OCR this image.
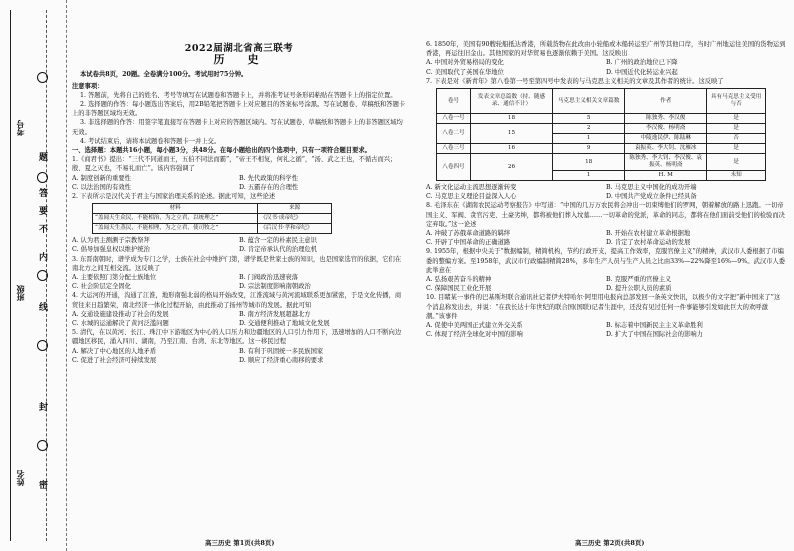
姓名
班级
考号
密
封
线
内
不
要
答
题
2022届湖北省高三联考
历　史

本试卷共8页，20题。全卷满分100分。考试用时75分钟。

注意事项：

1. 答题前，先将自己的姓名、考号等填写在试题卷和答题卡上，并将准考证号条形码粘贴在答题卡上的指定位置。

2. 选择题的作答：每小题选出答案后，用2B铅笔把答题卡上对应题目的答案标号涂黑。写在试题卷、草稿纸和答题卡上的非答题区域均无效。

3. 非选择题的作答：用签字笔直接写在答题卡上对应的答题区域内。写在试题卷、草稿纸和答题卡上的非答题区域均无效。

4. 考试结束后，请将本试题卷和答题卡一并上交。

一、选择题：本题共16小题，每小题3分，共48分。在每小题给出的四个选项中，只有一项符合题目要求。

1.《商君书》提出：“三代不同道而王，五伯不同法而霸”，“帝王不相复，何礼之循”，“汤、武之王也，不循古而兴；殷、夏之灭也，不易礼而亡”。该内容强调了

A. 制度创新的重要性	B. 先代政策的科学性
C. 以法治国的有效性	D. 五霸存在的合理性

2. 下表所示是汉代关于君主与国家治理关系的论述。据此可知，这些论述

材料	来源
“盖闻天生众民，不能相治，为之立君，以统理之”	《汉书·成帝纪》
“盖闻天生蒸民，不能相理，为之立君，使司牧之”	《后汉书·孝和帝纪》
A. 认为君主测测子宗教祭拜	B. 蕴含一定的朴素民主意识
C. 倡导加强皇权以维护统治	D. 肯定帝承认代的治理危机

3. 东晋南朝时，谱学成为专门之学，士族在社会中维护门第，谱学既是世家士族的知识，也是国家选官的依据，它们在南北方之间互相交流。这反映了

A. 主要依照门第分配士族地位	B. 门阀政治迅速衰落
C. 社会阶层定全固化	D. 宗法制度影响南朝政治

4. 大运河的开通，沟通了江淮，地形南强北弱的格局开始改变，江淮流域与黄河流域联系更加紧密，于是文化传播，商贸往来日趋繁荣，南北经济一体化过程开始，由此推动了扬州等城市的发展。据此可知

A. 交通设施建设推动了社会的发展	B. 南方经济发展超越北方
C. 水城的运通解决了黄河泛滥问题	D. 交通便利推动了地域文化发展

5. 清代，在以黄河、长江、珠江中下游地区为中心的人口压力和边疆地区的人口引力作用下，迅速增加的人口不断向边疆地区移民，涌入四川、湖南，乃至江南、台湾、东北等地区。这一移民过程

A. 解决了中心地区的人地矛盾	B. 有利于巩固统一多民族国家
C. 促进了社会经济可持续发展	D. 顺应了经济重心南移的要求

6. 1850年，美国有90艘轮船抵达香港，所载货物在此改由小轮船或木船转运至广州等其他口岸，当时广州地运往美国的货物运到香港，再运往旧金山。其他国家的对华贸易也逐渐依赖于美国。这反映出

A. 中国对外贸易格局的变化	B. 广州的政治地位已下降
C. 美国取代了英国在华地位	D. 中国近代化转运业兴起

7. 下表是对《新青年》第八卷第一号至第四号中发表的与马克思主义相关的文章及其作者的统计。这反映了

卷号	发表文章总篇数（持、随感录、通信不计）	马克思主义相关文章篇数	作者	具有马克思主义受用与否
八卷一号	18	5	陈独秀、李汉俊	是
八卷二号	15	2	李汉俊、杨明斋	是
		1	中陵逸民伊、陈陆琳	否
八卷三号	16	9	袁振英、李大钊、沈雁冰	是
八卷四号	26	18	陈独秀、李大钊、李汉俊、袁振英、杨明斋	是
		1	H. M	未知
A. 新文化运动主流思想逐渐转变	B. 马克思主义中国化的成功开端
C. 马克思主义理论目益深入人心	D. 中国共产党成立条件已经具备

8. 毛泽东在《湖南农民运动考察报告》中写道：“中国的几万万农民将会冲出一切束缚他们的罗网，朝着解放的路上迅跑。一切帝国主义、军阀、贪官污吏、土豪劣绅，都将被他们葬入坟墓……一切革命的党派，革命的同志，都将在他们面前受他们的检验而决定弃取。”这一论述

A. 冲破了苏俄革命道路的羁绊	B. 开始在农村建立革命根据地
C. 开辟了中国革命的正确道路	D. 肯定了农村革命运动的发展

9. 1955年，根据中央关于“数据编制，精简机构，节约行政开支，提高工作效率，克服官僚主义”的精神，武汉市人委根据了市编委的整编方案。至1958年，武汉市行政编制精简28%，多年生产人员与生产人员之比由33%—22%降至16%—9%。武汉市人委此举意在

A. 弘扬艰苦奋斗的精神	B. 克服严重的官僚主义
C. 保障国民工业化开展	D. 提升公职人员的素质

10. 目睹某一事件的巴基斯坦联合通讯社记者伊夫特哈尔·阿里用电报向总部发回一条英文快讯，以极少的文字把“新中国来了”这个消息称发出去，并说：“在我长达十年世纪的联合国(国联)记者生涯中，还没有见过任何一件事能够引发如此巨大的欢呼激潮。”该事件

A. 促使中美两国正式建立外交关系	B. 标志着中国新民主主义革命胜利
C. 体现了经济全球化对中国的影响	D. 扩大了中国在国际社会的影响力
高三历史 第1页(共8页)	高三历史 第2页(共8页)
